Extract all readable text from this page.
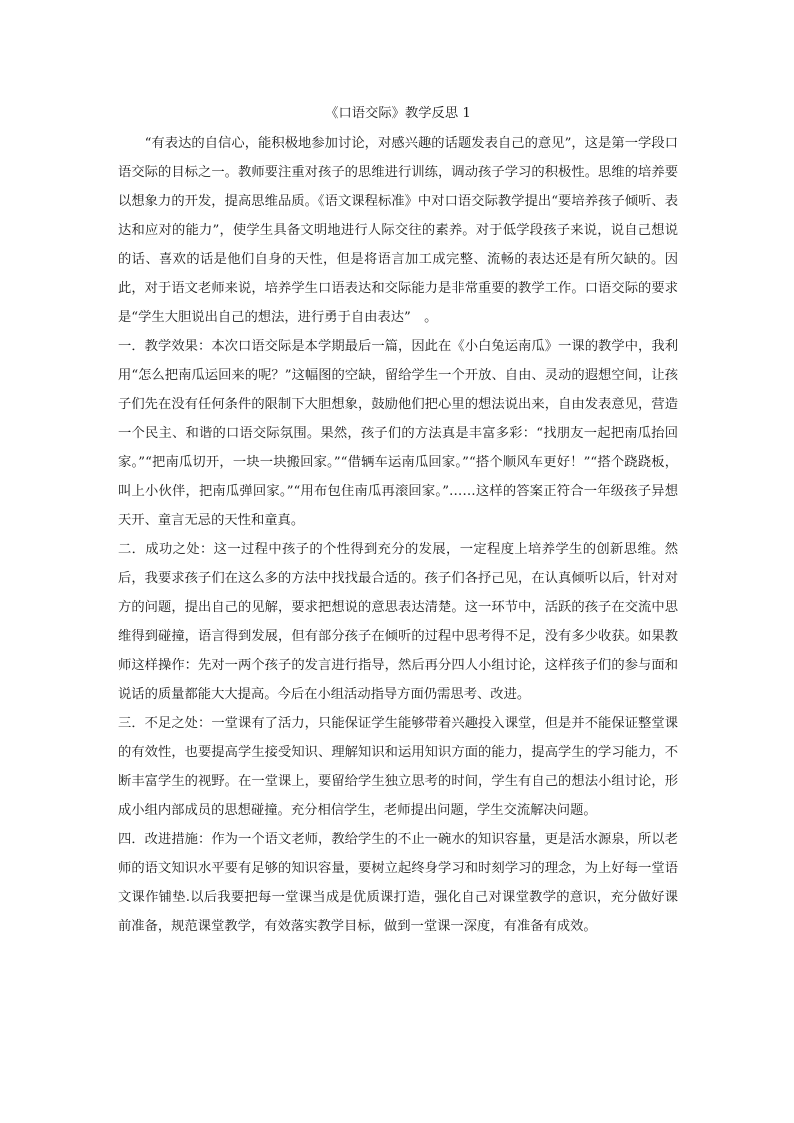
《口语交际》教学反思 1

“有表达的自信心，能积极地参加讨论，对感兴趣的话题发表自己的意见”，这是第一学段口语交际的目标之一。教师要注重对孩子的思维进行训练，调动孩子学习的积极性。思维的培养要以想象力的开发，提高思维品质。《语文课程标准》中对口语交际教学提出“要培养孩子倾听、表达和应对的能力”，使学生具备文明地进行人际交往的素养。对于低学段孩子来说，说自己想说的话、喜欢的话是他们自身的天性，但是将语言加工成完整、流畅的表达还是有所欠缺的。因此，对于语文老师来说，培养学生口语表达和交际能力是非常重要的教学工作。口语交际的要求是“学生大胆说出自己的想法，进行勇于自由表达”　。

一．教学效果：本次口语交际是本学期最后一篇，因此在《小白兔运南瓜》一课的教学中，我利用“怎么把南瓜运回来的呢？”这幅图的空缺，留给学生一个开放、自由、灵动的遐想空间，让孩子们先在没有任何条件的限制下大胆想象，鼓励他们把心里的想法说出来，自由发表意见，营造一个民主、和谐的口语交际氛围。果然，孩子们的方法真是丰富多彩：“找朋友一起把南瓜抬回家。”“把南瓜切开，一块一块搬回家。”“借辆车运南瓜回家。”“搭个顺风车更好！”“搭个跷跷板，叫上小伙伴，把南瓜弹回家。”“用布包住南瓜再滚回家。”……这样的答案正符合一年级孩子异想天开、童言无忌的天性和童真。

二．成功之处：这一过程中孩子的个性得到充分的发展，一定程度上培养学生的创新思维。然后，我要求孩子们在这么多的方法中找找最合适的。孩子们各抒己见，在认真倾听以后，针对对方的问题，提出自己的见解，要求把想说的意思表达清楚。这一环节中，活跃的孩子在交流中思维得到碰撞，语言得到发展，但有部分孩子在倾听的过程中思考得不足，没有多少收获。如果教师这样操作：先对一两个孩子的发言进行指导，然后再分四人小组讨论，这样孩子们的参与面和说话的质量都能大大提高。今后在小组活动指导方面仍需思考、改进。

三．不足之处：一堂课有了活力，只能保证学生能够带着兴趣投入课堂，但是并不能保证整堂课的有效性，也要提高学生接受知识、理解知识和运用知识方面的能力，提高学生的学习能力，不断丰富学生的视野。在一堂课上，要留给学生独立思考的时间，学生有自己的想法小组讨论，形成小组内部成员的思想碰撞。充分相信学生，老师提出问题，学生交流解决问题。

四．改进措施：作为一个语文老师，教给学生的不止一碗水的知识容量，更是活水源泉，所以老师的语文知识水平要有足够的知识容量，要树立起终身学习和时刻学习的理念，为上好每一堂语文课作铺垫.以后我要把每一堂课当成是优质课打造，强化自己对课堂教学的意识，充分做好课前准备，规范课堂教学，有效落实教学目标，做到一堂课一深度，有准备有成效。
